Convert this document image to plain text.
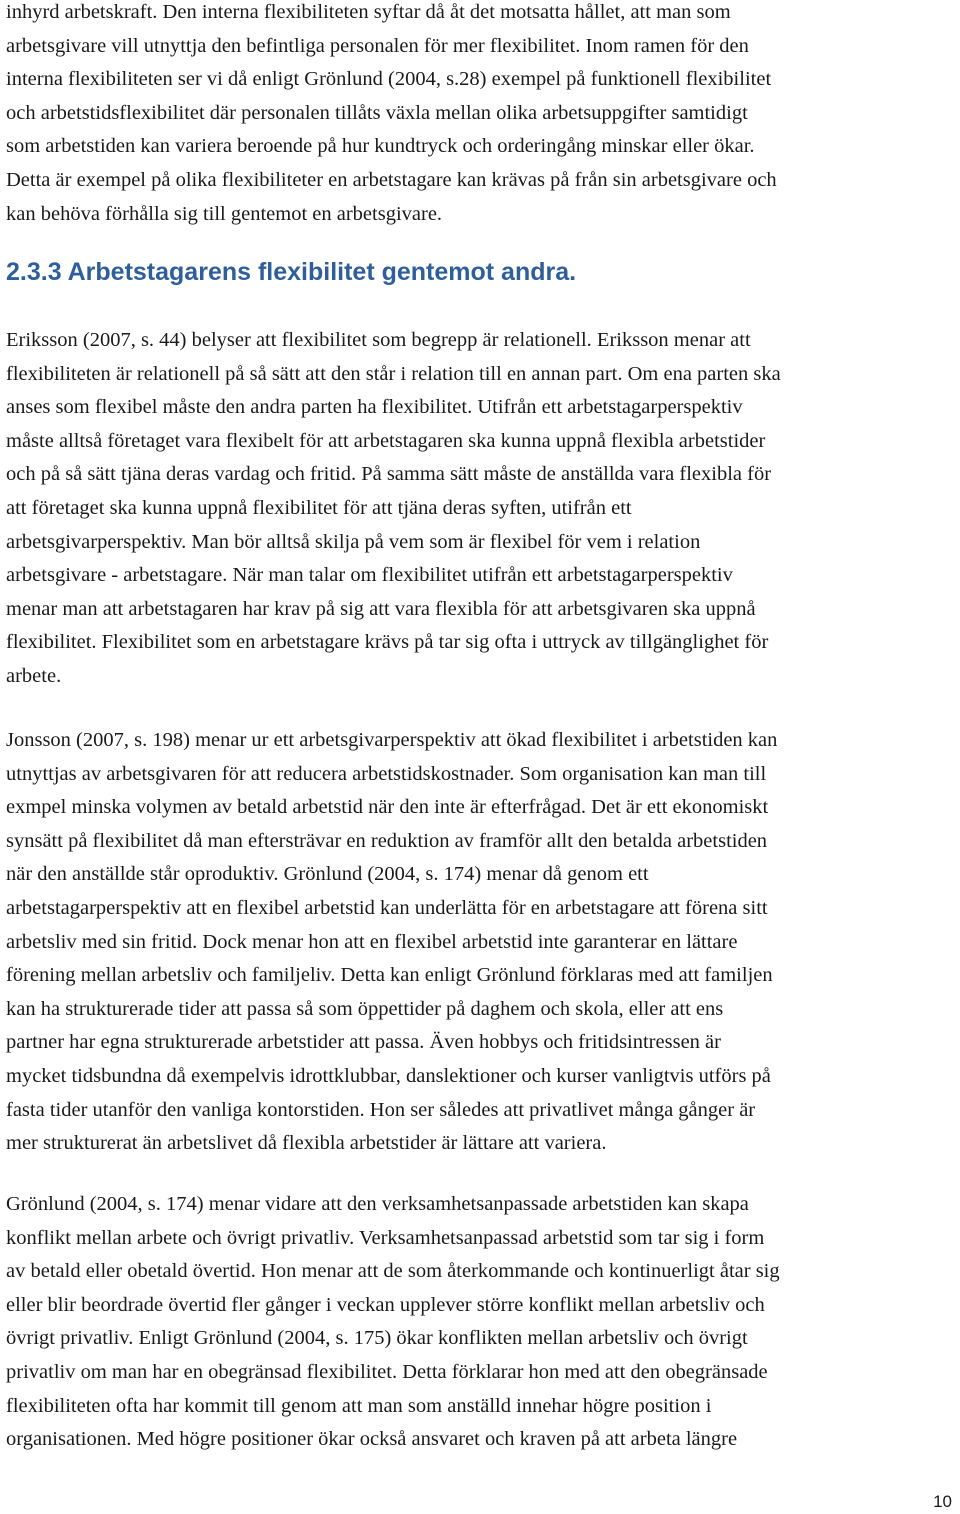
inhyrd arbetskraft. Den interna flexibiliteten syftar då åt det motsatta hållet, att man som
arbetsgivare vill utnyttja den befintliga personalen för mer flexibilitet. Inom ramen för den
interna flexibiliteten ser vi då enligt Grönlund (2004, s.28) exempel på funktionell flexibilitet
och arbetstidsflexibilitet där personalen tillåts växla mellan olika arbetsuppgifter samtidigt
som arbetstiden kan variera beroende på hur kundtryck och orderingång minskar eller ökar.
Detta är exempel på olika flexibiliteter en arbetstagare kan krävas på från sin arbetsgivare och
kan behöva förhålla sig till gentemot en arbetsgivare.
2.3.3 Arbetstagarens flexibilitet gentemot andra.
Eriksson (2007, s. 44) belyser att flexibilitet som begrepp är relationell. Eriksson menar att
flexibiliteten är relationell på så sätt att den står i relation till en annan part. Om ena parten ska
anses som flexibel måste den andra parten ha flexibilitet. Utifrån ett arbetstagarperspektiv
måste alltså företaget vara flexibelt för att arbetstagaren ska kunna uppnå flexibla arbetstider
och på så sätt tjäna deras vardag och fritid. På samma sätt måste de anställda vara flexibla för
att företaget ska kunna uppnå flexibilitet för att tjäna deras syften, utifrån ett
arbetsgivarperspektiv. Man bör alltså skilja på vem som är flexibel för vem i relation
arbetsgivare - arbetstagare. När man talar om flexibilitet utifrån ett arbetstagarperspektiv
menar man att arbetstagaren har krav på sig att vara flexibla för att arbetsgivaren ska uppnå
flexibilitet. Flexibilitet som en arbetstagare krävs på tar sig ofta i uttryck av tillgänglighet för
arbete.
Jonsson (2007, s. 198) menar ur ett arbetsgivarperspektiv att ökad flexibilitet i arbetstiden kan
utnyttjas av arbetsgivaren för att reducera arbetstidskostnader. Som organisation kan man till
exmpel minska volymen av betald arbetstid när den inte är efterfrågad. Det är ett ekonomiskt
synsätt på flexibilitet då man eftersträvar en reduktion av framför allt den betalda arbetstiden
när den anställde står oproduktiv. Grönlund (2004, s. 174) menar då genom ett
arbetstagarperspektiv att en flexibel arbetstid kan underlätta för en arbetstagare att förena sitt
arbetsliv med sin fritid. Dock menar hon att en flexibel arbetstid inte garanterar en lättare
förening mellan arbetsliv och familjeliv. Detta kan enligt Grönlund förklaras med att familjen
kan ha strukturerade tider att passa så som öppettider på daghem och skola, eller att ens
partner har egna strukturerade arbetstider att passa. Även hobbys och fritidsintressen är
mycket tidsbundna då exempelvis idrottklubbar, danslektioner och kurser vanligtvis utförs på
fasta tider utanför den vanliga kontorstiden. Hon ser således att privatlivet många gånger är
mer strukturerat än arbetslivet då flexibla arbetstider är lättare att variera.
Grönlund (2004, s. 174) menar vidare att den verksamhetsanpassade arbetstiden kan skapa
konflikt mellan arbete och övrigt privatliv. Verksamhetsanpassad arbetstid som tar sig i form
av betald eller obetald övertid. Hon menar att de som återkommande och kontinuerligt åtar sig
eller blir beordrade övertid fler gånger i veckan upplever större konflikt mellan arbetsliv och
övrigt privatliv. Enligt Grönlund (2004, s. 175) ökar konflikten mellan arbetsliv och övrigt
privatliv om man har en obegränsad flexibilitet. Detta förklarar hon med att den obegränsade
flexibiliteten ofta har kommit till genom att man som anställd innehar högre position i
organisationen. Med högre positioner ökar också ansvaret och kraven på att arbeta längre
10
